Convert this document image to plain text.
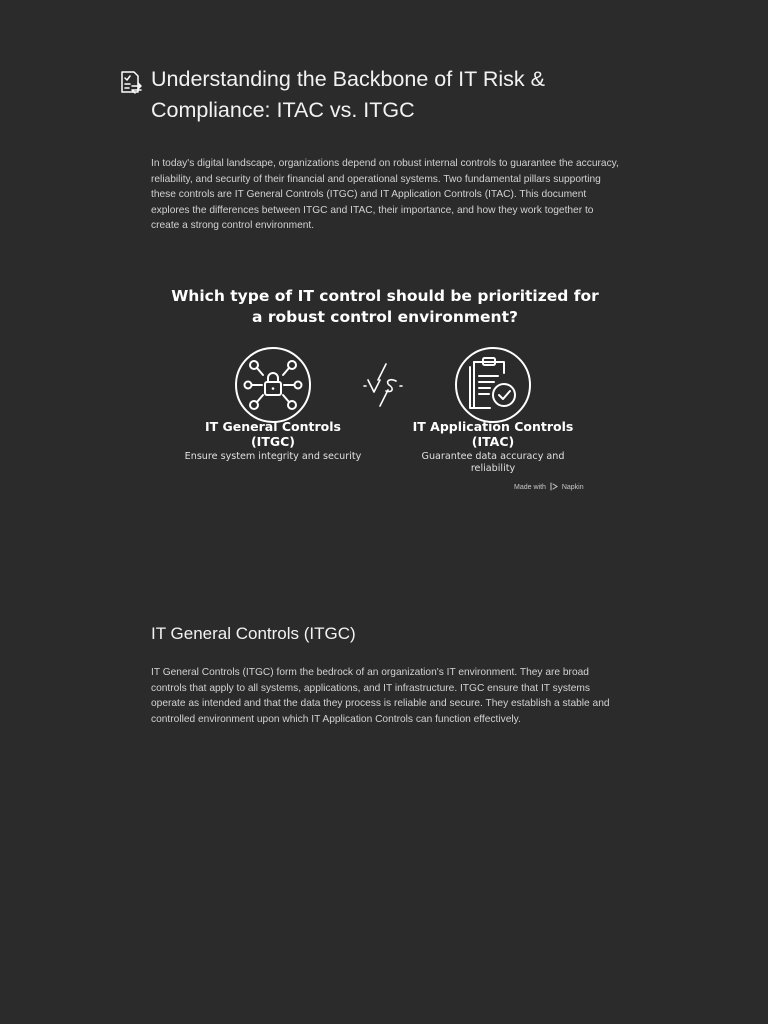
Understanding the Backbone of IT Risk & Compliance: ITAC vs. ITGC

In today's digital landscape, organizations depend on robust internal controls to guarantee the accuracy, reliability, and security of their financial and operational systems. Two fundamental pillars supporting these controls are IT General Controls (ITGC) and IT Application Controls (ITAC). This document explores the differences between ITGC and ITAC, their importance, and how they work together to create a strong control environment.

Which type of IT control should be prioritized for a robust control environment?

VS
IT General Controls (ITGC)
Ensure system integrity and security
IT Application Controls (ITAC)
Guarantee data accuracy and reliability
Made with Napkin
IT General Controls (ITGC)

IT General Controls (ITGC) form the bedrock of an organization's IT environment. They are broad controls that apply to all systems, applications, and IT infrastructure. ITGC ensure that IT systems operate as intended and that the data they process is reliable and secure. They establish a stable and controlled environment upon which IT Application Controls can function effectively.
